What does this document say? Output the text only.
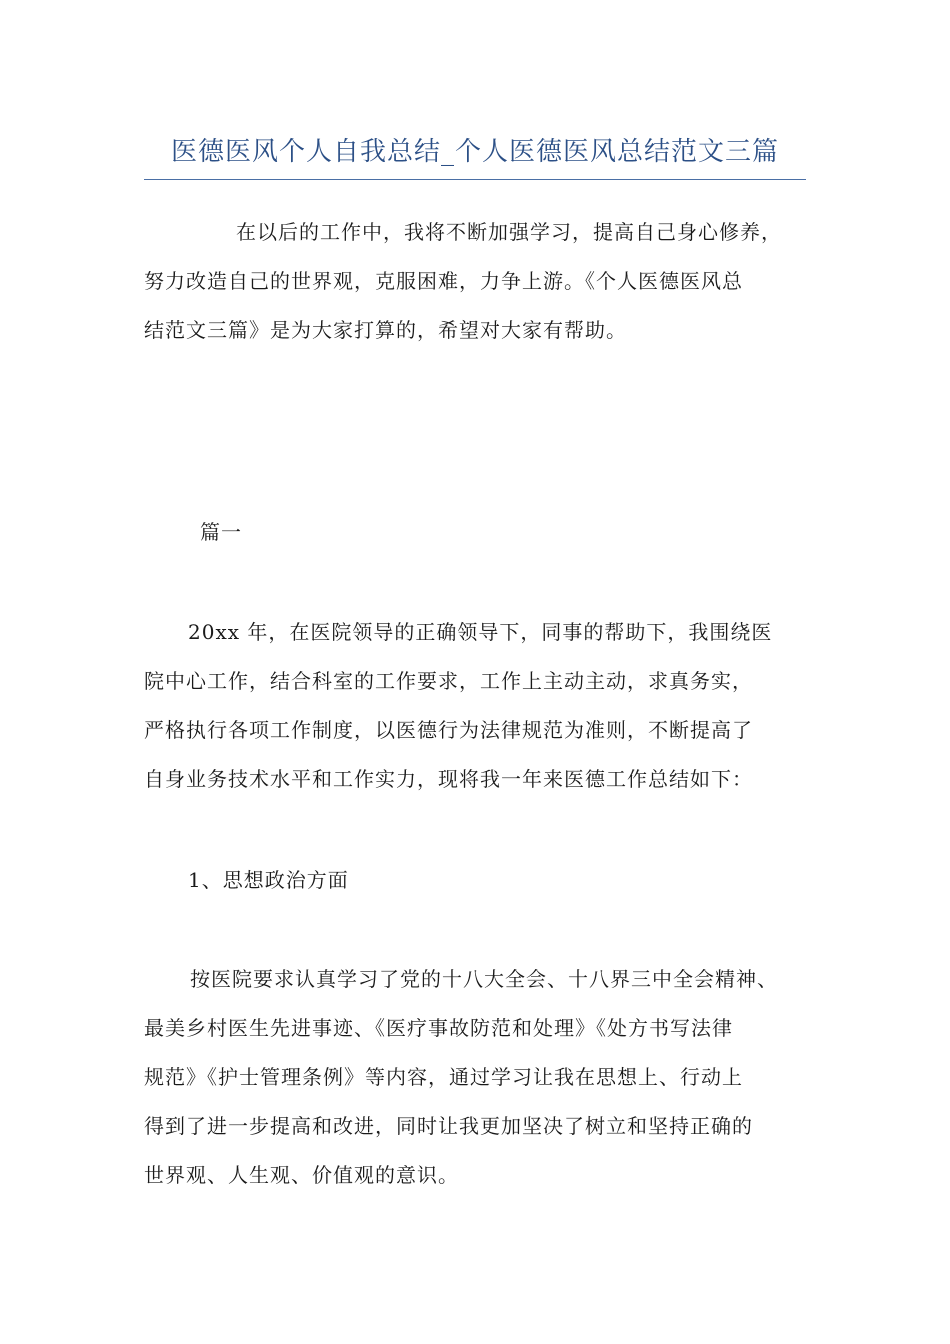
医德医风个人自我总结_个人医德医风总结范文三篇
在以后的工作中，我将不断加强学习，提高自己身心修养，
努力改造自己的世界观，克服困难，力争上游。《个人医德医风总
结范文三篇》是为大家打算的，希望对大家有帮助。
篇一
20xx 年，在医院领导的正确领导下，同事的帮助下，我围绕医
院中心工作，结合科室的工作要求，工作上主动主动，求真务实，
严格执行各项工作制度，以医德行为法律规范为准则，不断提高了
自身业务技术水平和工作实力，现将我一年来医德工作总结如下：
1、思想政治方面
按医院要求认真学习了党的十八大全会、十八界三中全会精神、
最美乡村医生先进事迹、《医疗事故防范和处理》《处方书写法律
规范》《护士管理条例》等内容，通过学习让我在思想上、行动上
得到了进一步提高和改进，同时让我更加坚决了树立和坚持正确的
世界观、人生观、价值观的意识。
